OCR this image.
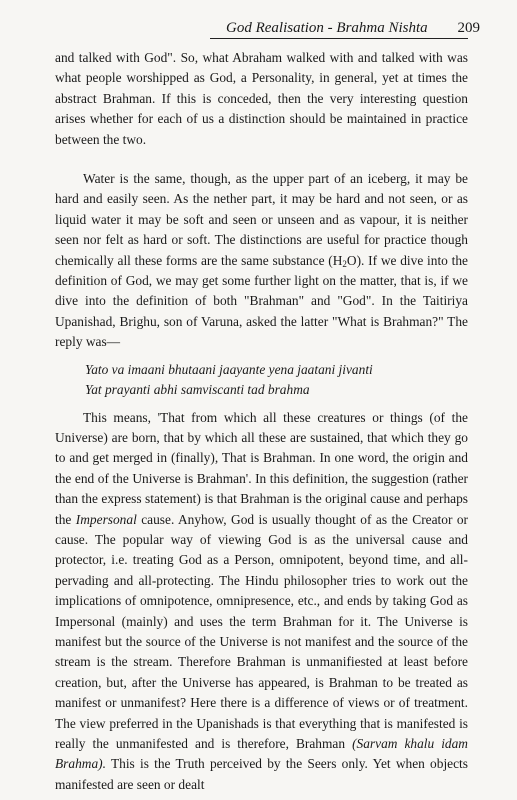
God Realisation - Brahma Nishta 209

and talked with God". So, what Abraham walked with and talked with was what people worshipped as God, a Personality, in general, yet at times the abstract Brahman. If this is conceded, then the very interesting question arises whether for each of us a distinction should be maintained in practice between the two.

Water is the same, though, as the upper part of an iceberg, it may be hard and easily seen. As the nether part, it may be hard and not seen, or as liquid water it may be soft and seen or unseen and as vapour, it is neither seen nor felt as hard or soft. The distinctions are useful for practice though chemically all these forms are the same substance $(H_2O)$. If we dive into the definition of God, we may get some further light on the matter, that is, if we dive into the definition of both "Brahman" and "God". In the Taitiriya Upanishad, Brighu, son of Varuna, asked the latter "What is Brahman?" The reply was—

Yato va imaani bhutaani jaayante yena jaatani jivanti

Yat prayanti abhi samviscanti tad brahma

This means, 'That from which all these creatures or things (of the Universe) are born, that by which all these are sustained, that which they go to and get merged in (finally), That is Brahman. In one word, the origin and the end of the Universe is Brahman'. In this definition, the suggestion (rather than the express statement) is that Brahman is the original cause and perhaps the Impersonal cause. Anyhow, God is usually thought of as the Creator or cause. The popular way of viewing God is as the universal cause and protector, i.e. treating God as a Person, omnipotent, beyond time, and all-pervading and all-protecting. The Hindu philosopher tries to work out the implications of omnipotence, omnipresence, etc., and ends by taking God as Impersonal (mainly) and uses the term Brahman for it. The Universe is manifest but the source of the Universe is not manifest and the source of the stream is the stream. Therefore Brahman is unmanifiested at least before creation, but, after the Universe has appeared, is Brahman to be treated as manifest or unmanifest? Here there is a difference of views or of treatment. The view preferred in the Upanishads is that everything that is manifested is really the unmanifested and is therefore, Brahman (Sarvam khalu idam Brahma). This is the Truth perceived by the Seers only. Yet when objects manifested are seen or dealt
